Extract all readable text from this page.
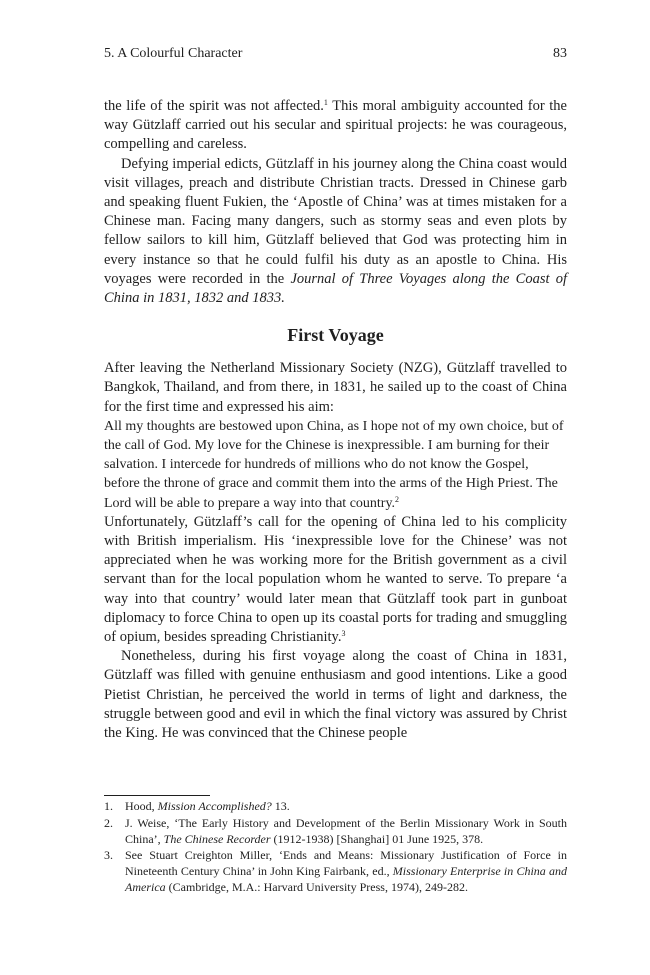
5. A Colourful Character	83

the life of the spirit was not affected.$^1$ This moral ambiguity accounted for the way Gützlaff carried out his secular and spiritual projects: he was courageous, compelling and careless.

Defying imperial edicts, Gützlaff in his journey along the China coast would visit villages, preach and distribute Christian tracts. Dressed in Chinese garb and speaking fluent Fukien, the ‘Apostle of China’ was at times mistaken for a Chinese man. Facing many dangers, such as stormy seas and even plots by fellow sailors to kill him, Gützlaff believed that God was protecting him in every instance so that he could fulfil his duty as an apostle to China. His voyages were recorded in the Journal of Three Voyages along the Coast of China in 1831, 1832 and 1833.

First Voyage

After leaving the Netherland Missionary Society (NZG), Gützlaff travelled to Bangkok, Thailand, and from there, in 1831, he sailed up to the coast of China for the first time and expressed his aim:

All my thoughts are bestowed upon China, as I hope not of my own choice, but of the call of God. My love for the Chinese is inexpressible. I am burning for their salvation. I intercede for hundreds of millions who do not know the Gospel, before the throne of grace and commit them into the arms of the High Priest. The Lord will be able to prepare a way into that country.$^2$

Unfortunately, Gützlaff’s call for the opening of China led to his complicity with British imperialism. His ‘inexpressible love for the Chinese’ was not appreciated when he was working more for the British government as a civil servant than for the local population whom he wanted to serve. To prepare ‘a way into that country’ would later mean that Gützlaff took part in gunboat diplomacy to force China to open up its coastal ports for trading and smuggling of opium, besides spreading Christianity.$^3$

Nonetheless, during his first voyage along the coast of China in 1831, Gützlaff was filled with genuine enthusiasm and good intentions. Like a good Pietist Christian, he perceived the world in terms of light and darkness, the struggle between good and evil in which the final victory was assured by Christ the King. He was convinced that the Chinese people

1. Hood, Mission Accomplished? 13.
2. J. Weise, ‘The Early History and Development of the Berlin Missionary Work in South China’, The Chinese Recorder (1912-1938) [Shanghai] 01 June 1925, 378.
3. See Stuart Creighton Miller, ‘Ends and Means: Missionary Justification of Force in Nineteenth Century China’ in John King Fairbank, ed., Missionary Enterprise in China and America (Cambridge, M.A.: Harvard University Press, 1974), 249-282.
